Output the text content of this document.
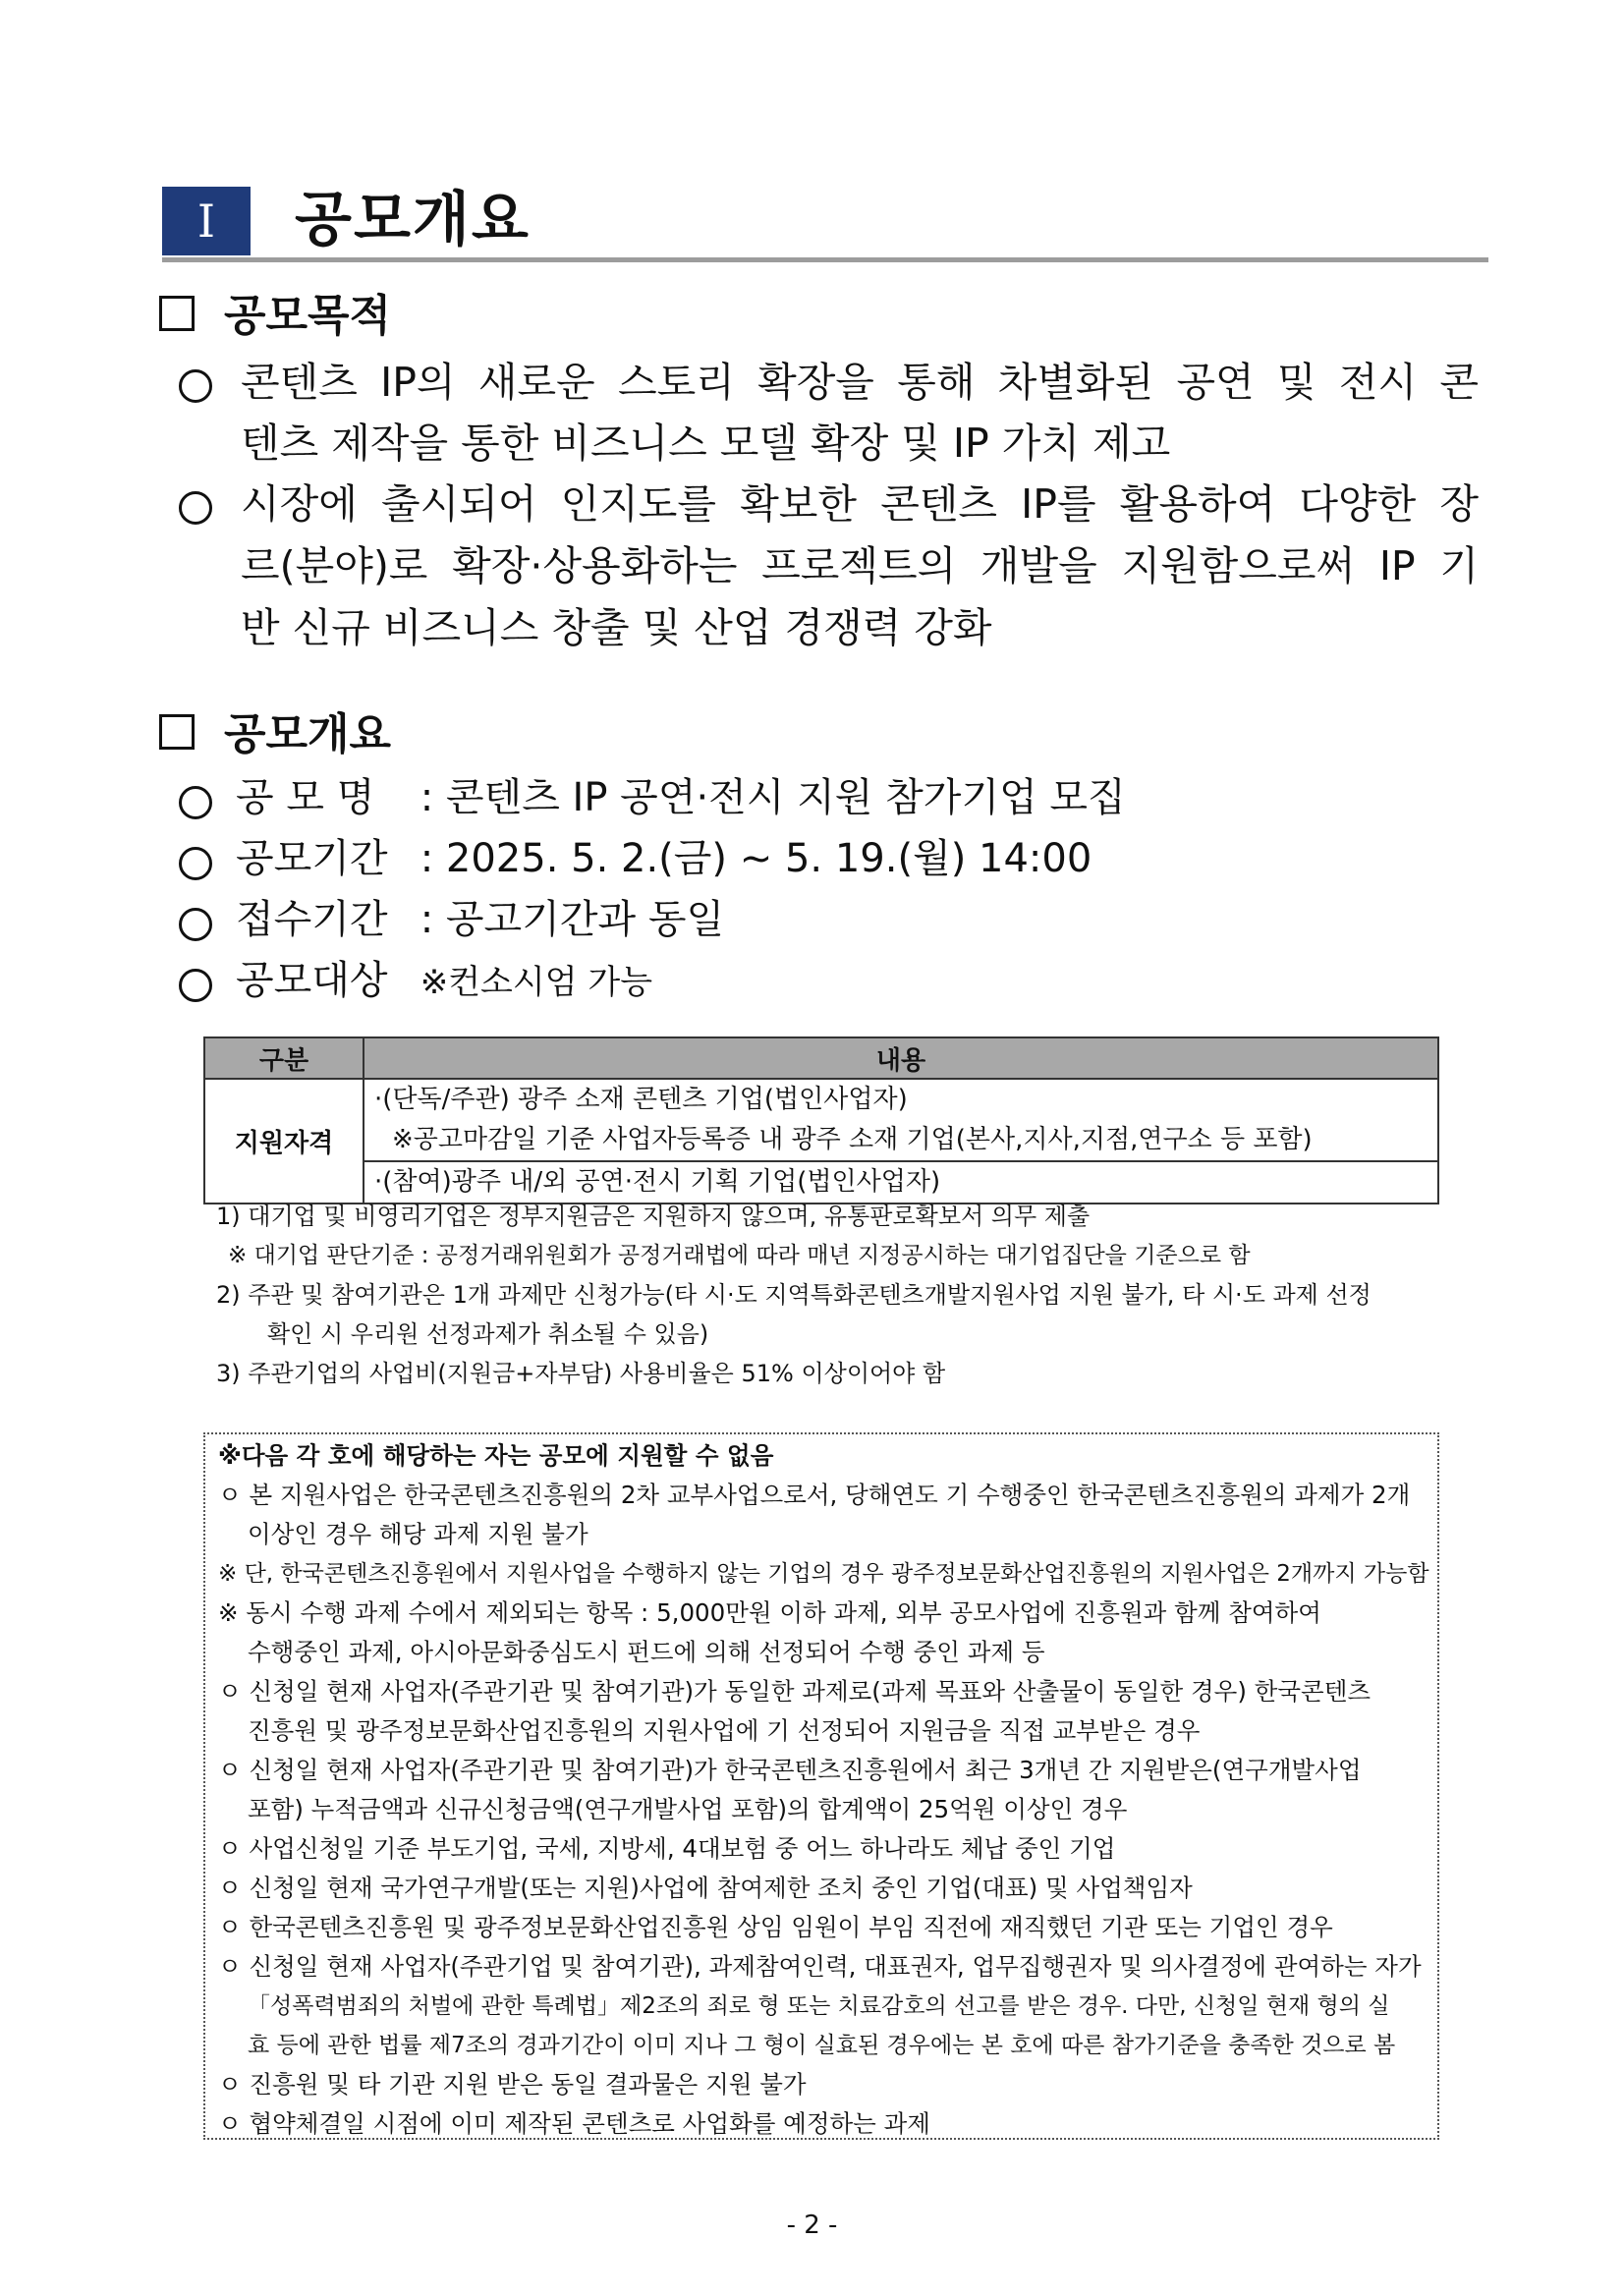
Ⅰ	공모개요
공모목적
콘텐츠 IP의 새로운 스토리 확장을 통해 차별화된 공연 및 전시 콘
텐츠 제작을 통한 비즈니스 모델 확장 및 IP 가치 제고
시장에 출시되어 인지도를 확보한 콘텐츠 IP를 활용하여 다양한 장
르(분야)로 확장·상용화하는 프로젝트의 개발을 지원함으로써 IP 기
반 신규 비즈니스 창출 및 산업 경쟁력 강화
공모개요
공 모 명 : 콘텐츠 IP 공연·전시 지원 참가기업 모집
공모기간 : 2025. 5. 2.(금) ~ 5. 19.(월) 14:00
접수기간 : 공고기간과 동일
공모대상 ※컨소시엄 가능
구분	내용
지원자격	·(단독/주관) 광주 소재 콘텐츠 기업(법인사업자)
※공고마감일 기준 사업자등록증 내 광주 소재 기업(본사,지사,지점,연구소 등 포함)

	·(참여)광주 내/외 공연·전시 기획 기업(법인사업자)
1) 대기업 및 비영리기업은 정부지원금은 지원하지 않으며, 유통판로확보서 의무 제출
※ 대기업 판단기준 : 공정거래위원회가 공정거래법에 따라 매년 지정공시하는 대기업집단을 기준으로 함
2) 주관 및 참여기관은 1개 과제만 신청가능(타 시·도 지역특화콘텐츠개발지원사업 지원 불가, 타 시·도 과제 선정
확인 시 우리원 선정과제가 취소될 수 있음)
3) 주관기업의 사업비(지원금+자부담) 사용비율은 51% 이상이어야 함
※다음 각 호에 해당하는 자는 공모에 지원할 수 없음
ㅇ 본 지원사업은 한국콘텐츠진흥원의 2차 교부사업으로서, 당해연도 기 수행중인 한국콘텐츠진흥원의 과제가 2개
이상인 경우 해당 과제 지원 불가
※ 단, 한국콘텐츠진흥원에서 지원사업을 수행하지 않는 기업의 경우 광주정보문화산업진흥원의 지원사업은 2개까지 가능함
※ 동시 수행 과제 수에서 제외되는 항목 : 5,000만원 이하 과제, 외부 공모사업에 진흥원과 함께 참여하여
수행중인 과제, 아시아문화중심도시 펀드에 의해 선정되어 수행 중인 과제 등
ㅇ 신청일 현재 사업자(주관기관 및 참여기관)가 동일한 과제로(과제 목표와 산출물이 동일한 경우) 한국콘텐츠
진흥원 및 광주정보문화산업진흥원의 지원사업에 기 선정되어 지원금을 직접 교부받은 경우
ㅇ 신청일 현재 사업자(주관기관 및 참여기관)가 한국콘텐츠진흥원에서 최근 3개년 간 지원받은(연구개발사업
포함) 누적금액과 신규신청금액(연구개발사업 포함)의 합계액이 25억원 이상인 경우
ㅇ 사업신청일 기준 부도기업, 국세, 지방세, 4대보험 중 어느 하나라도 체납 중인 기업
ㅇ 신청일 현재 국가연구개발(또는 지원)사업에 참여제한 조치 중인 기업(대표) 및 사업책임자
ㅇ 한국콘텐츠진흥원 및 광주정보문화산업진흥원 상임 임원이 부임 직전에 재직했던 기관 또는 기업인 경우
ㅇ 신청일 현재 사업자(주관기업 및 참여기관), 과제참여인력, 대표권자, 업무집행권자 및 의사결정에 관여하는 자가
「성폭력범죄의 처벌에 관한 특례법」제2조의 죄로 형 또는 치료감호의 선고를 받은 경우. 다만, 신청일 현재 형의 실
효 등에 관한 법률 제7조의 경과기간이 이미 지나 그 형이 실효된 경우에는 본 호에 따른 참가기준을 충족한 것으로 봄
ㅇ 진흥원 및 타 기관 지원 받은 동일 결과물은 지원 불가
ㅇ 협약체결일 시점에 이미 제작된 콘텐츠로 사업화를 예정하는 과제
- 2 -
